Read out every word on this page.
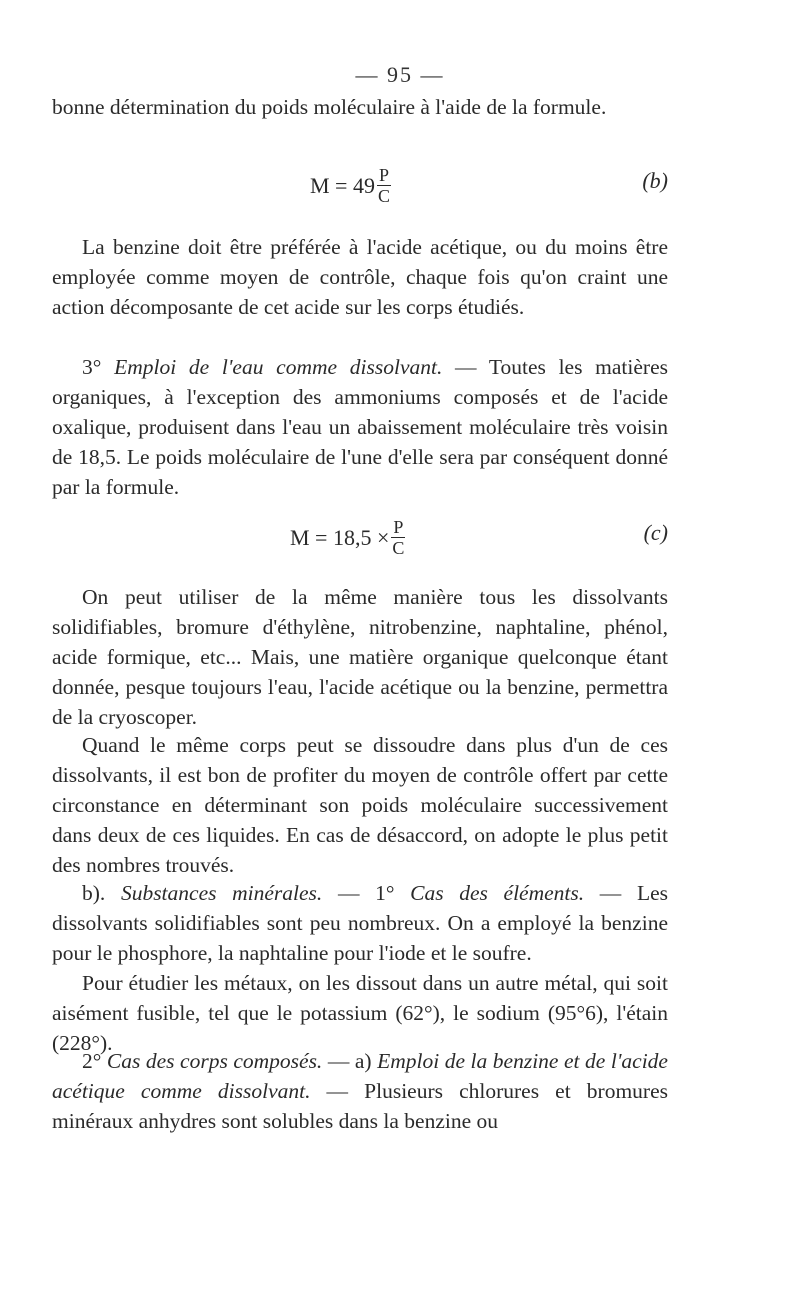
— 95 —

bonne détermination du poids moléculaire à l'aide de la formule.

$M = 49 \frac{P}{C}$	(b)

La benzine doit être préférée à l'acide acétique, ou du moins être employée comme moyen de contrôle, chaque fois qu'on craint une action décomposante de cet acide sur les corps étudiés.

3° Emploi de l'eau comme dissolvant. — Toutes les matières organiques, à l'exception des ammoniums composés et de l'acide oxalique, produisent dans l'eau un abaissement moléculaire très voisin de 18,5. Le poids moléculaire de l'une d'elle sera par conséquent donné par la formule.

$M = 18,5 \times \frac{P}{C}$	(c)

On peut utiliser de la même manière tous les dissolvants solidifiables, bromure d'éthylène, nitrobenzine, naphtaline, phénol, acide formique, etc... Mais, une matière organique quelconque étant donnée, pesque toujours l'eau, l'acide acétique ou la benzine, permettra de la cryoscoper.

Quand le même corps peut se dissoudre dans plus d'un de ces dissolvants, il est bon de profiter du moyen de contrôle offert par cette circonstance en déterminant son poids moléculaire successivement dans deux de ces liquides. En cas de désaccord, on adopte le plus petit des nombres trouvés.

b). Substances minérales. — 1° Cas des éléments. — Les dissolvants solidifiables sont peu nombreux. On a employé la benzine pour le phosphore, la naphtaline pour l'iode et le soufre.

Pour étudier les métaux, on les dissout dans un autre métal, qui soit aisément fusible, tel que le potassium (62°), le sodium (95°6), l'étain (228°).

2° Cas des corps composés. — a) Emploi de la benzine et de l'acide acétique comme dissolvant. — Plusieurs chlorures et bromures minéraux anhydres sont solubles dans la benzine ou
